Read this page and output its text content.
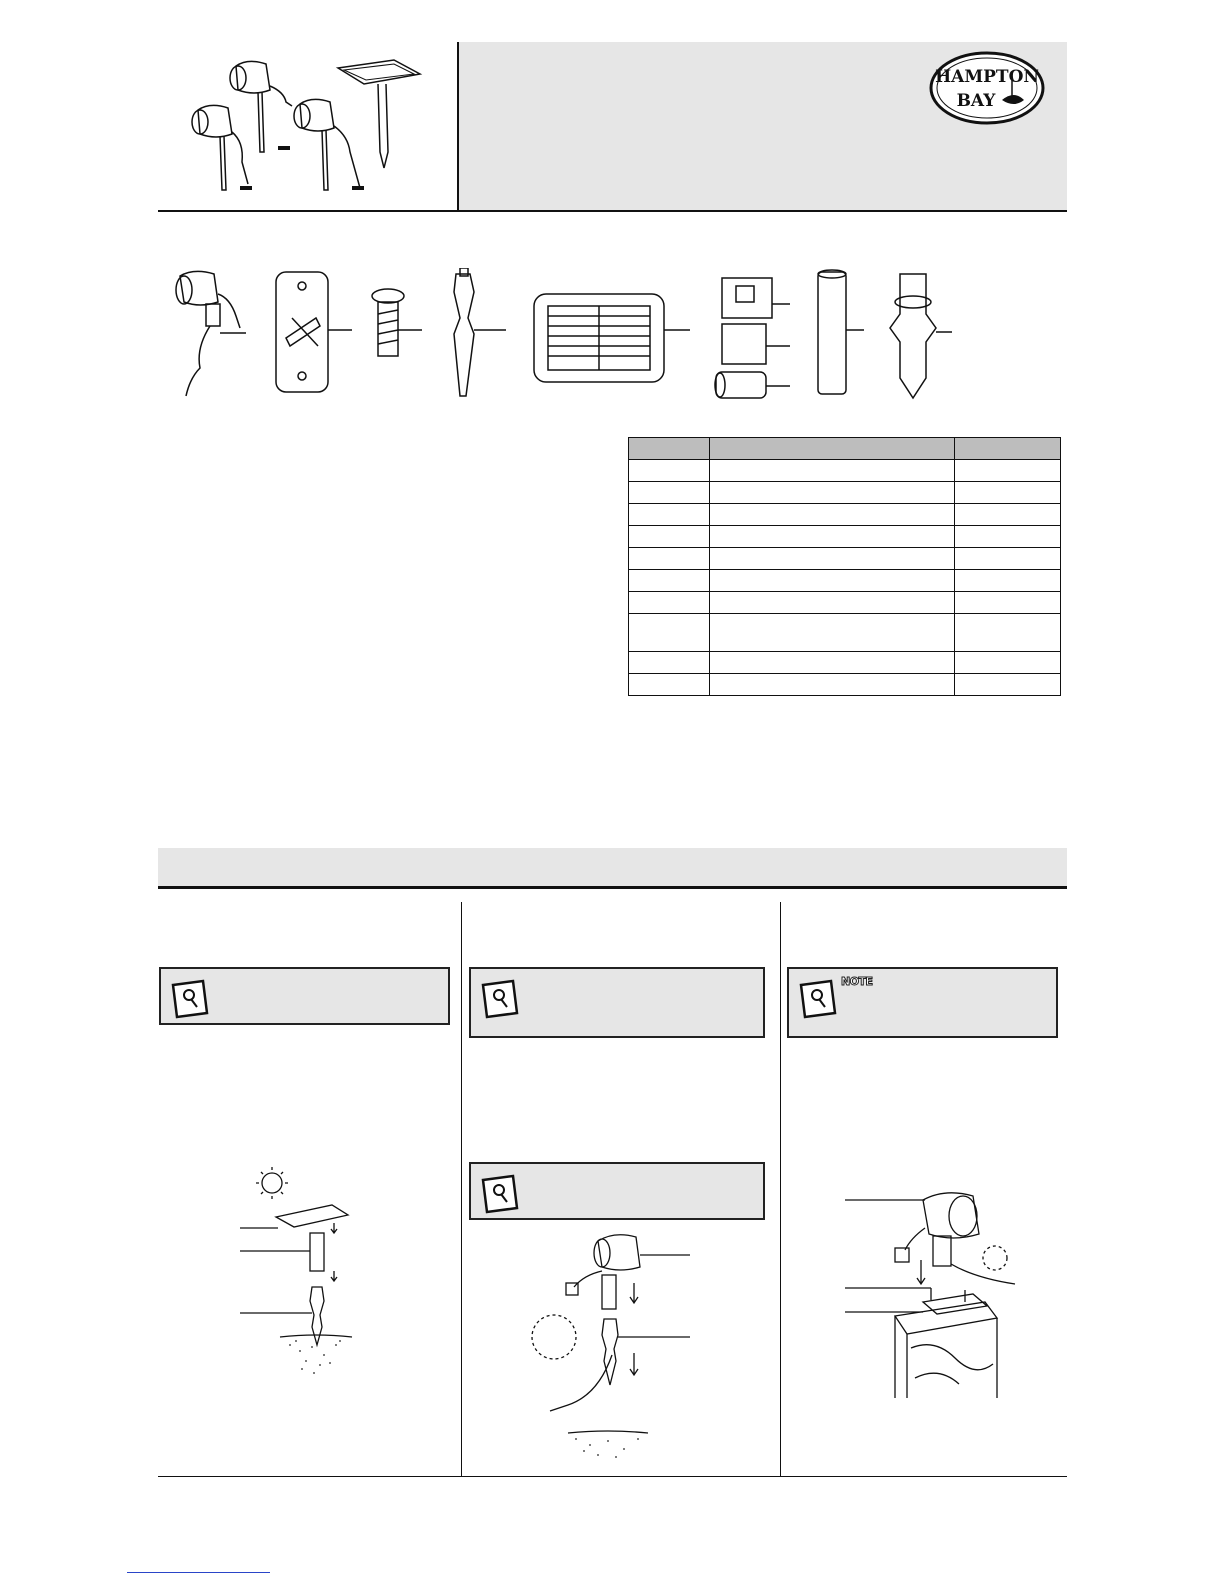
HAMPTON
BAY

NOTE
